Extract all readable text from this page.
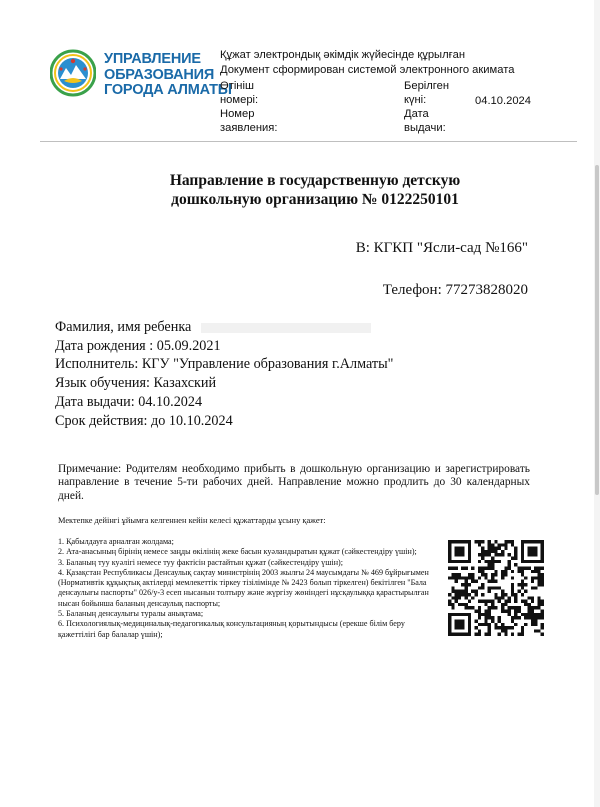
УПРАВЛЕНИЕ
ОБРАЗОВАНИЯ
ГОРОДА АЛМАТЫ
Құжат электрондық әкімдік жүйесінде құрылған
Документ сформирован системой электронного акимата
Өтініш
номері:
Номер
заявления:
Берілген
күні:
Дата
выдачи:
04.10.2024
Направление в государственную детскую дошкольную организацию № 0122250101
В: КГКП "Ясли-сад №166"
Телефон: 77273828020
Фамилия, имя ребенка
Дата рождения : 05.09.2021
Исполнитель: КГУ "Управление образования г.Алматы"
Язык обучения: Казахский
Дата выдачи: 04.10.2024
Срок действия: до 10.10.2024
Примечание: Родителям необходимо прибыть в дошкольную организацию и зарегистрировать направление в течение 5-ти рабочих дней. Направление можно продлить до 30 календарных дней.
Мектепке дейінгі ұйымға келгеннен кейін келесі құжаттарды ұсыну қажет:
1. Қабылдауға арналған жолдама;
2. Ата-анасының бірінің немесе заңды өкілінің жеке басын куәландыратын құжат (сәйкестендіру үшін);
3. Баланың туу куәлігі немесе туу фактісін растайтын құжат (сәйкестендіру үшін);
4. Қазақстан Республикасы Денсаулық сақтау министрінің 2003 жылғы 24 маусымдағы № 469 бұйрығымен (Нормативтік құқықтық актілерді мемлекеттік тіркеу тізілімінде № 2423 болып тіркелген) бекітілген "Бала денсаулығы паспорты" 026/у-3 есеп нысанын толтыру және жүргізу жөніндегі нұсқаулыққа қарастырылған нысан бойынша баланың денсаулық паспорты;
5. Баланың денсаулығы туралы анықтама;
6. Психологиялық-медициналық-педагогикалық консультацияның қорытындысы (ерекше білім беру қажеттілігі бар балалар үшін);
